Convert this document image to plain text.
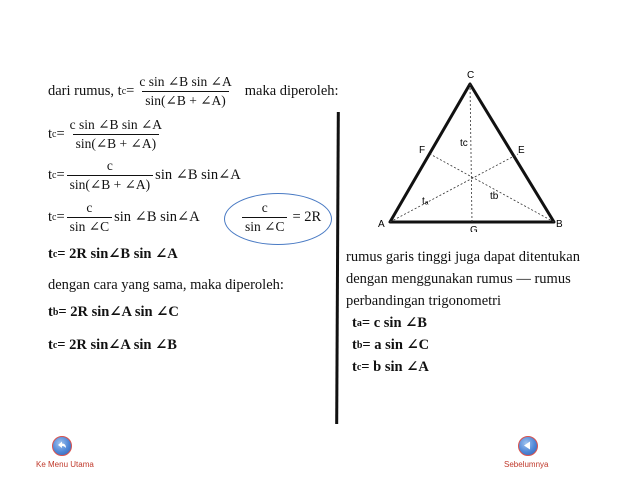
dari rumus, t $c = \frac{\text{c sin ∠B sin ∠A}}{\sin(\angle B + \angle A)}$ maka diperoleh:
t $c = \frac{\text{c sin ∠B sin ∠A}}{\sin(\angle B + \angle A)}$
t $c = \frac{c}{\sin(\angle B + \angle A)}$ sin ∠B sin∠A
t $c = \frac{c}{\sin \angle C}$ sin ∠B sin∠A	$\frac{c}{\sin \angle C} = 2R$
t c = 2R sin∠B sin ∠A
dengan cara yang sama, maka diperoleh:
t b = 2R sin∠A sin ∠C
t c = 2R sin∠A sin ∠B
C
A	B
F	E
G
tc
tₐ	tb
rumus garis tinggi juga dapat ditentukan
dengan menggunakan rumus — rumus
perbandingan trigonometri
t a = c sin ∠B
t b = a sin ∠C
t c = b sin ∠A
Ke Menu Utama	Sebelumnya
